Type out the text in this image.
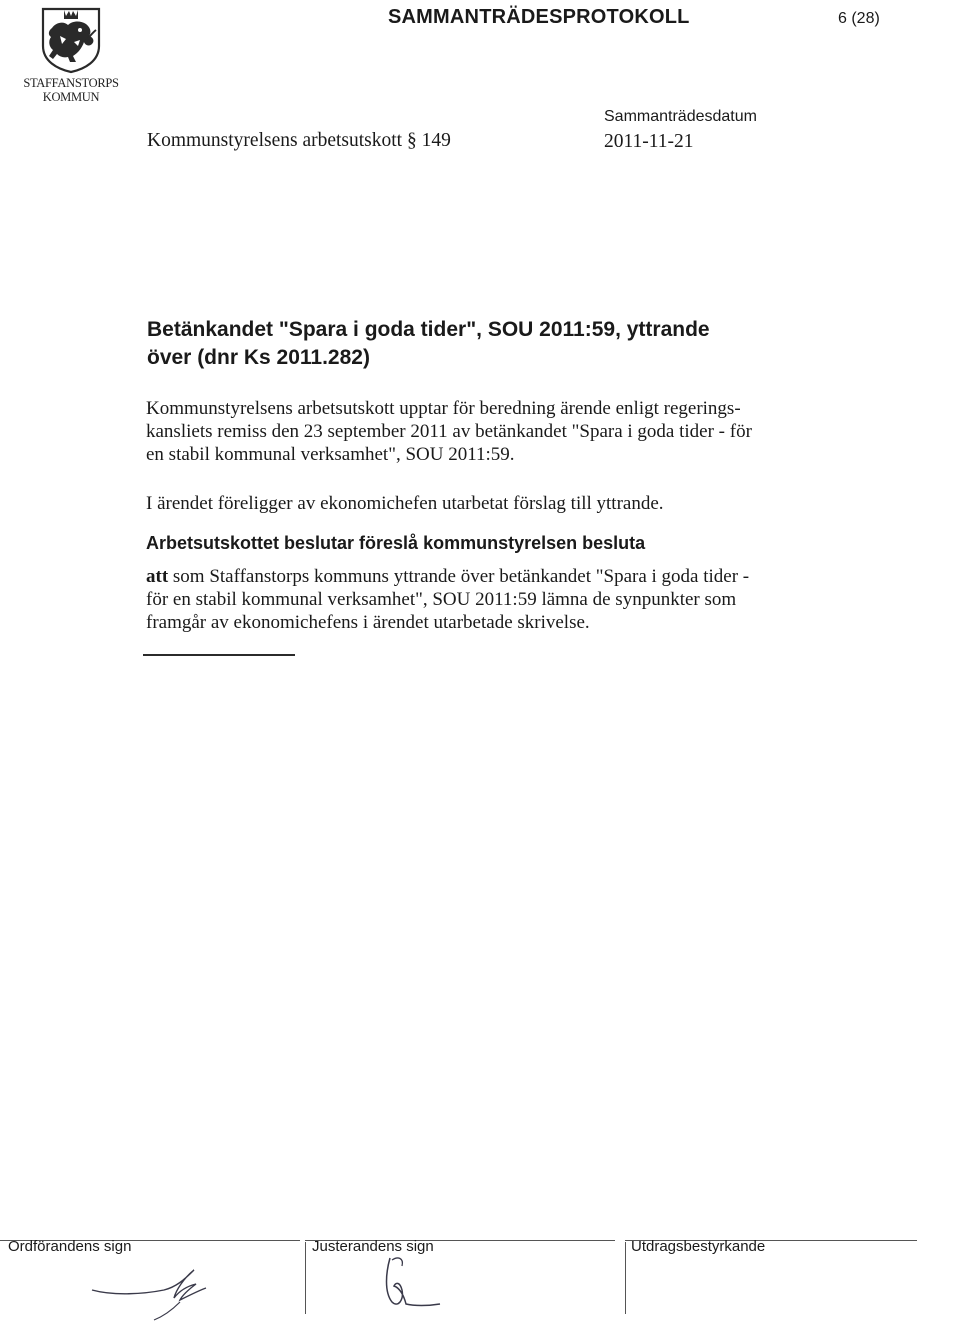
STAFFANSTORPS
KOMMUN
SAMMANTRÄDESPROTOKOLL	6 (28)
Kommunstyrelsens arbetsutskott § 149
Sammanträdesdatum
2011-11-21
Betänkandet "Spara i goda tider", SOU 2011:59, yttrande
över (dnr Ks 2011.282)
Kommunstyrelsens arbetsutskott upptar för beredning ärende enligt regerings-
kansliets remiss den 23 september 2011 av betänkandet "Spara i goda tider - för
en stabil kommunal verksamhet", SOU 2011:59.
I ärendet föreligger av ekonomichefen utarbetat förslag till yttrande.
Arbetsutskottet beslutar föreslå kommunstyrelsen besluta
att som Staffanstorps kommuns yttrande över betänkandet "Spara i goda tider -
för en stabil kommunal verksamhet", SOU 2011:59 lämna de synpunkter som
framgår av ekonomichefens i ärendet utarbetade skrivelse.
Ordförandens sign	Justerandens sign	Utdragsbestyrkande
